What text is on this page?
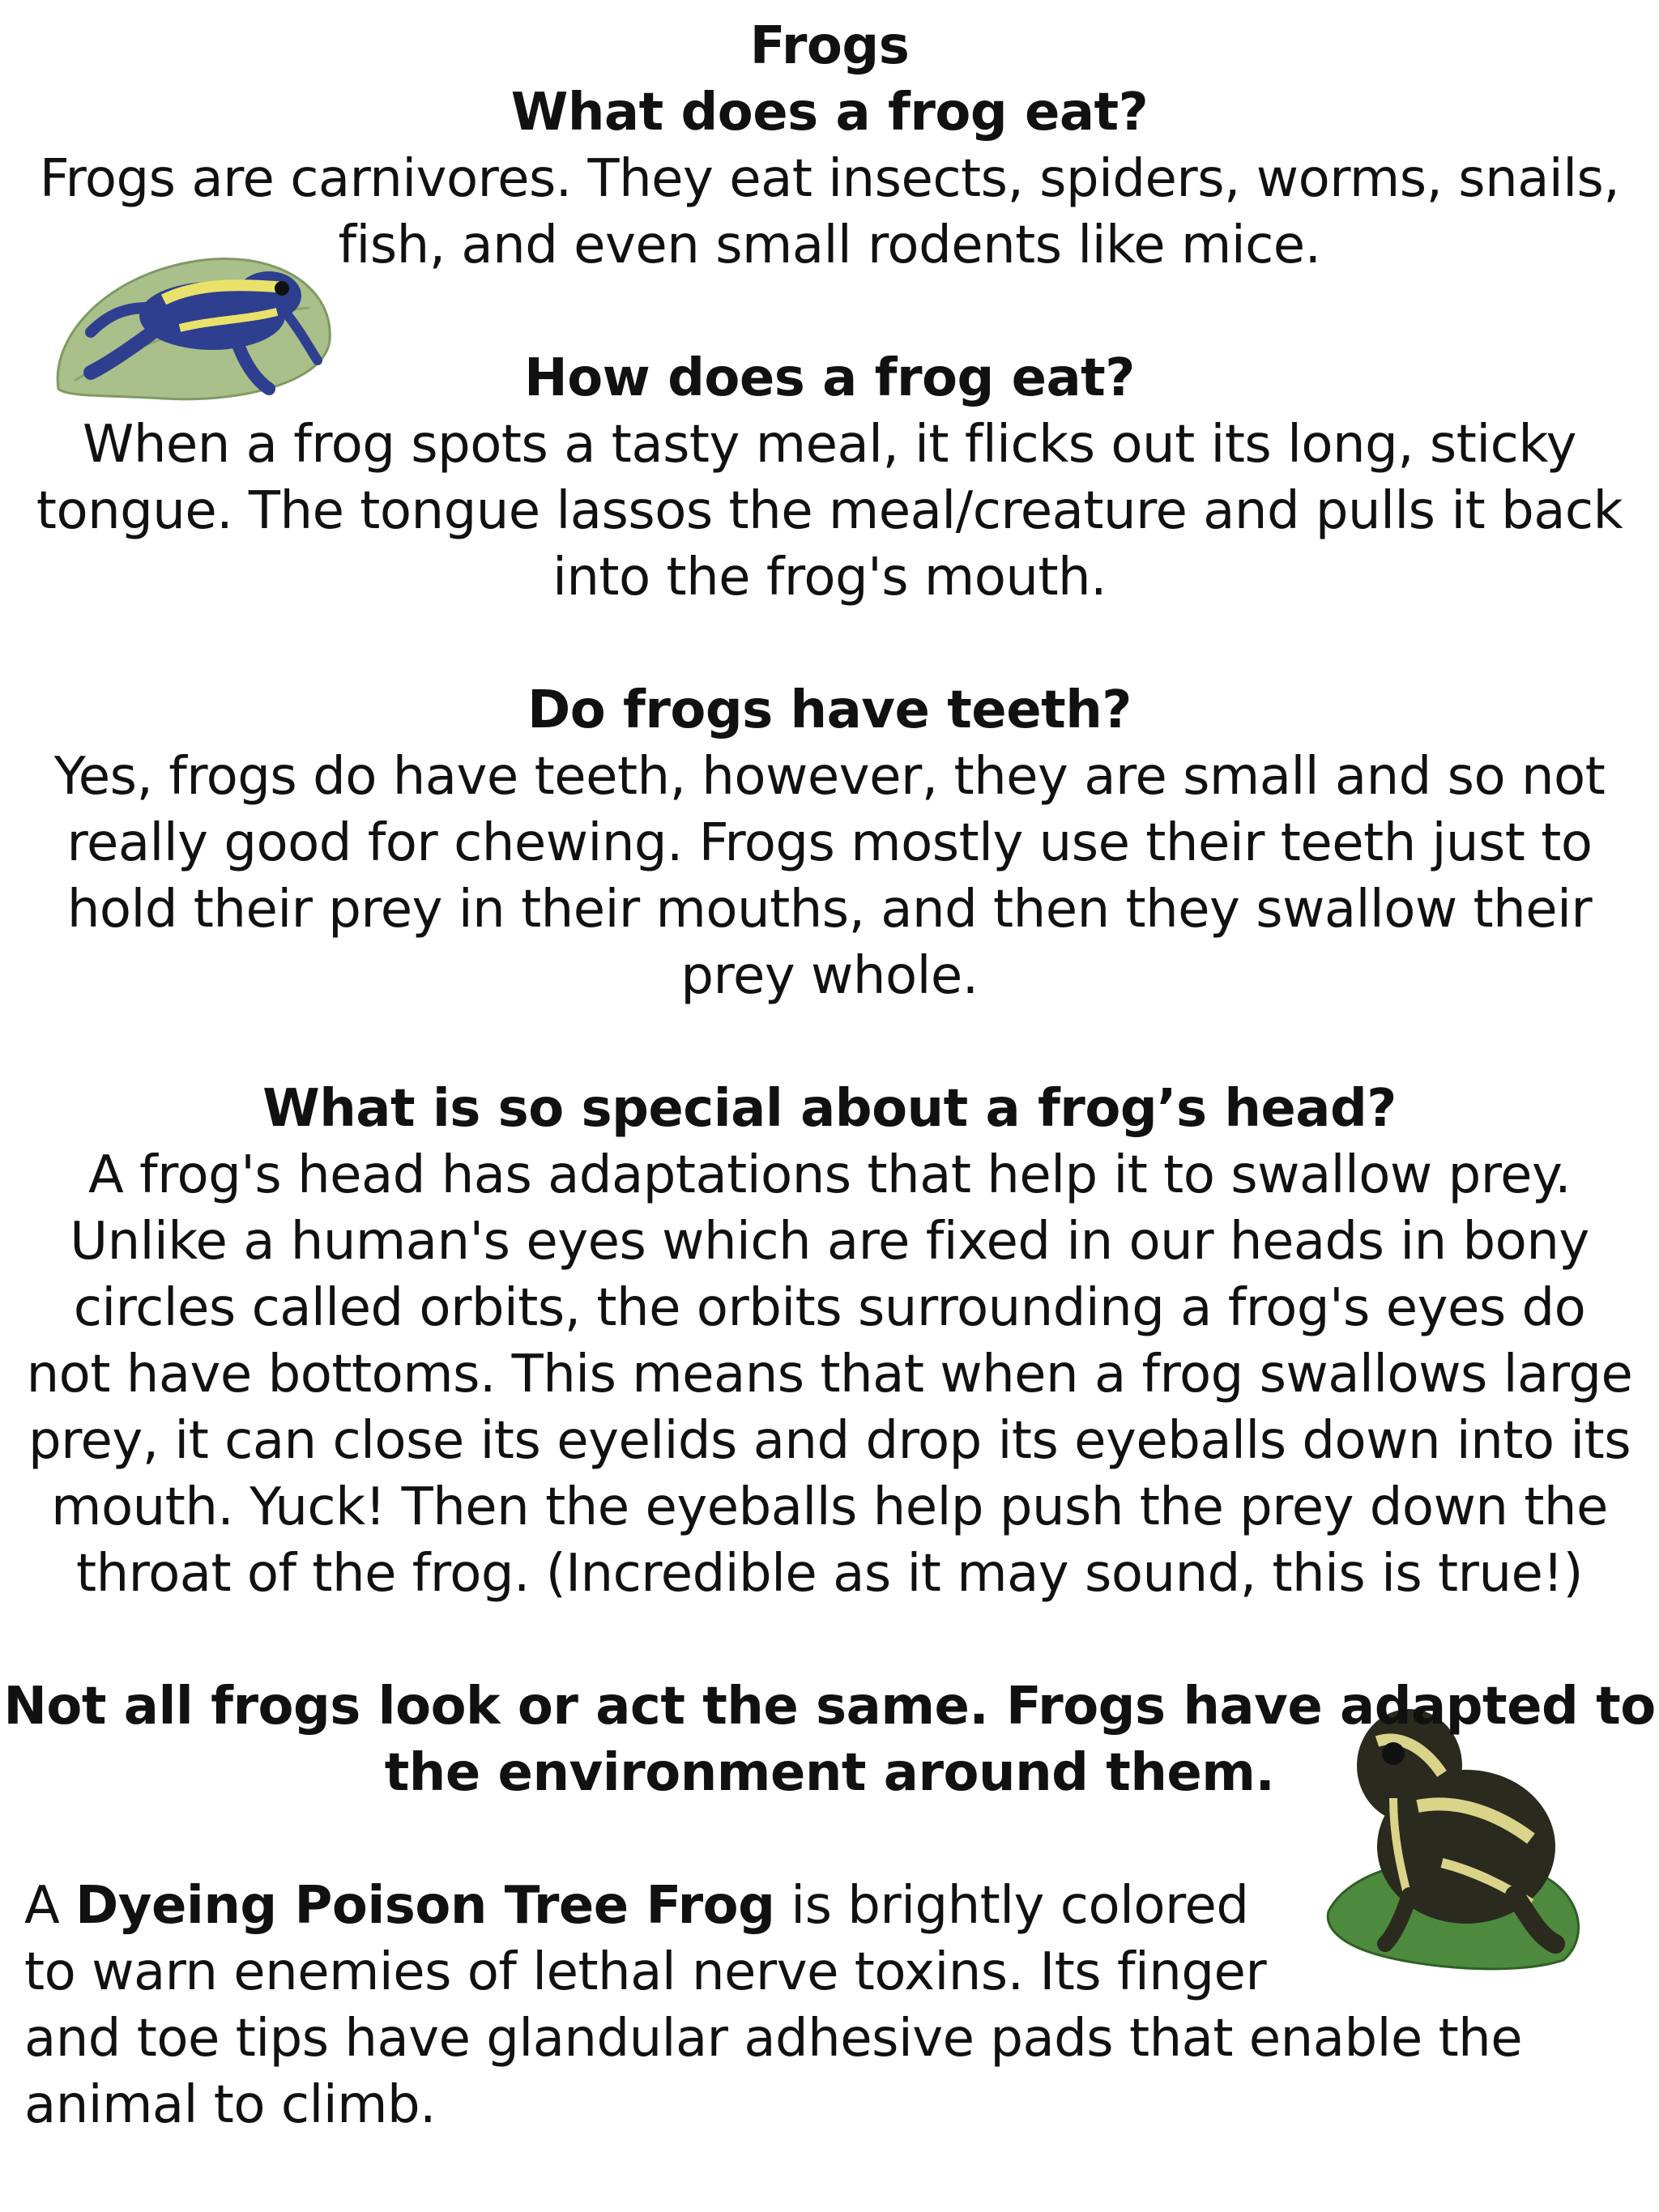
Frogs
What does a frog eat?
Frogs are carnivores. They eat insects, spiders, worms, snails,
fish, and even small rodents like mice.
How does a frog eat?
When a frog spots a tasty meal, it flicks out its long, sticky
tongue. The tongue lassos the meal/creature and pulls it back
into the frog's mouth.
Do frogs have teeth?
Yes, frogs do have teeth, however, they are small and so not
really good for chewing. Frogs mostly use their teeth just to
hold their prey in their mouths, and then they swallow their
prey whole.
What is so special about a frog’s head?
A frog's head has adaptations that help it to swallow prey.
Unlike a human's eyes which are fixed in our heads in bony
circles called orbits, the orbits surrounding a frog's eyes do
not have bottoms. This means that when a frog swallows large
prey, it can close its eyelids and drop its eyeballs down into its
mouth. Yuck! Then the eyeballs help push the prey down the
throat of the frog. (Incredible as it may sound, this is true!)
Not all frogs look or act the same. Frogs have adapted to
the environment around them.
A Dyeing Poison Tree Frog is brightly colored
to warn enemies of lethal nerve toxins. Its finger
and toe tips have glandular adhesive pads that enable the
animal to climb.
